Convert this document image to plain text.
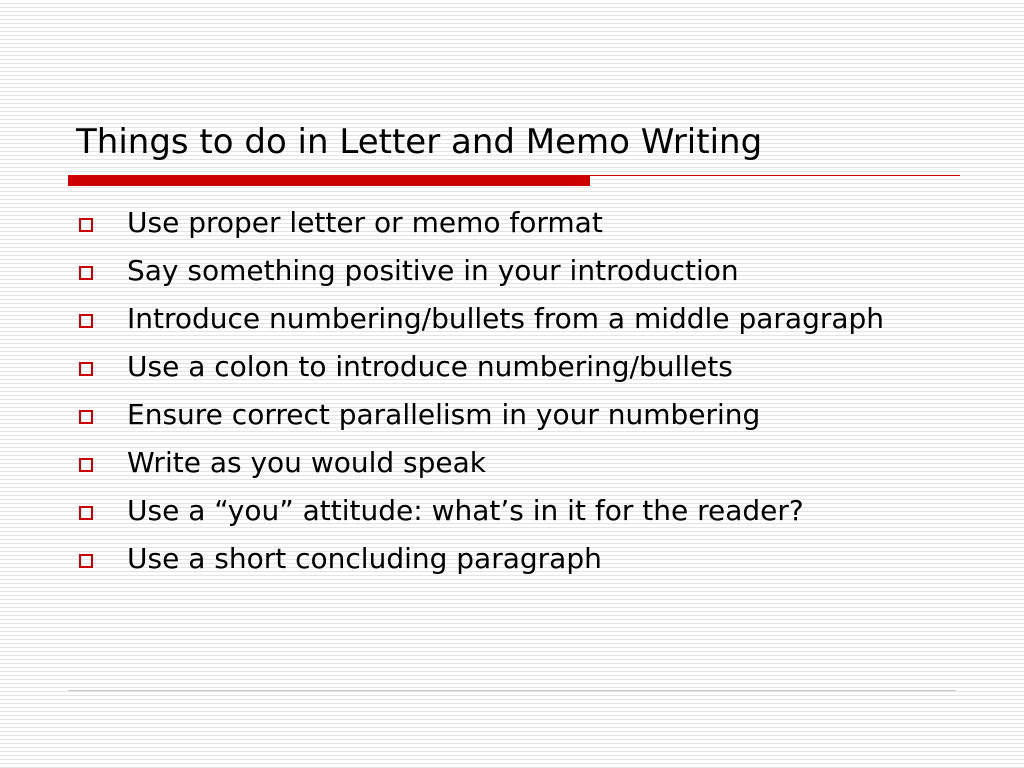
Things to do in Letter and Memo Writing
Use proper letter or memo format
Say something positive in your introduction
Introduce numbering/bullets from a middle paragraph
Use a colon to introduce numbering/bullets
Ensure correct parallelism in your numbering
Write as you would speak
Use a “you” attitude: what’s in it for the reader?
Use a short concluding paragraph
